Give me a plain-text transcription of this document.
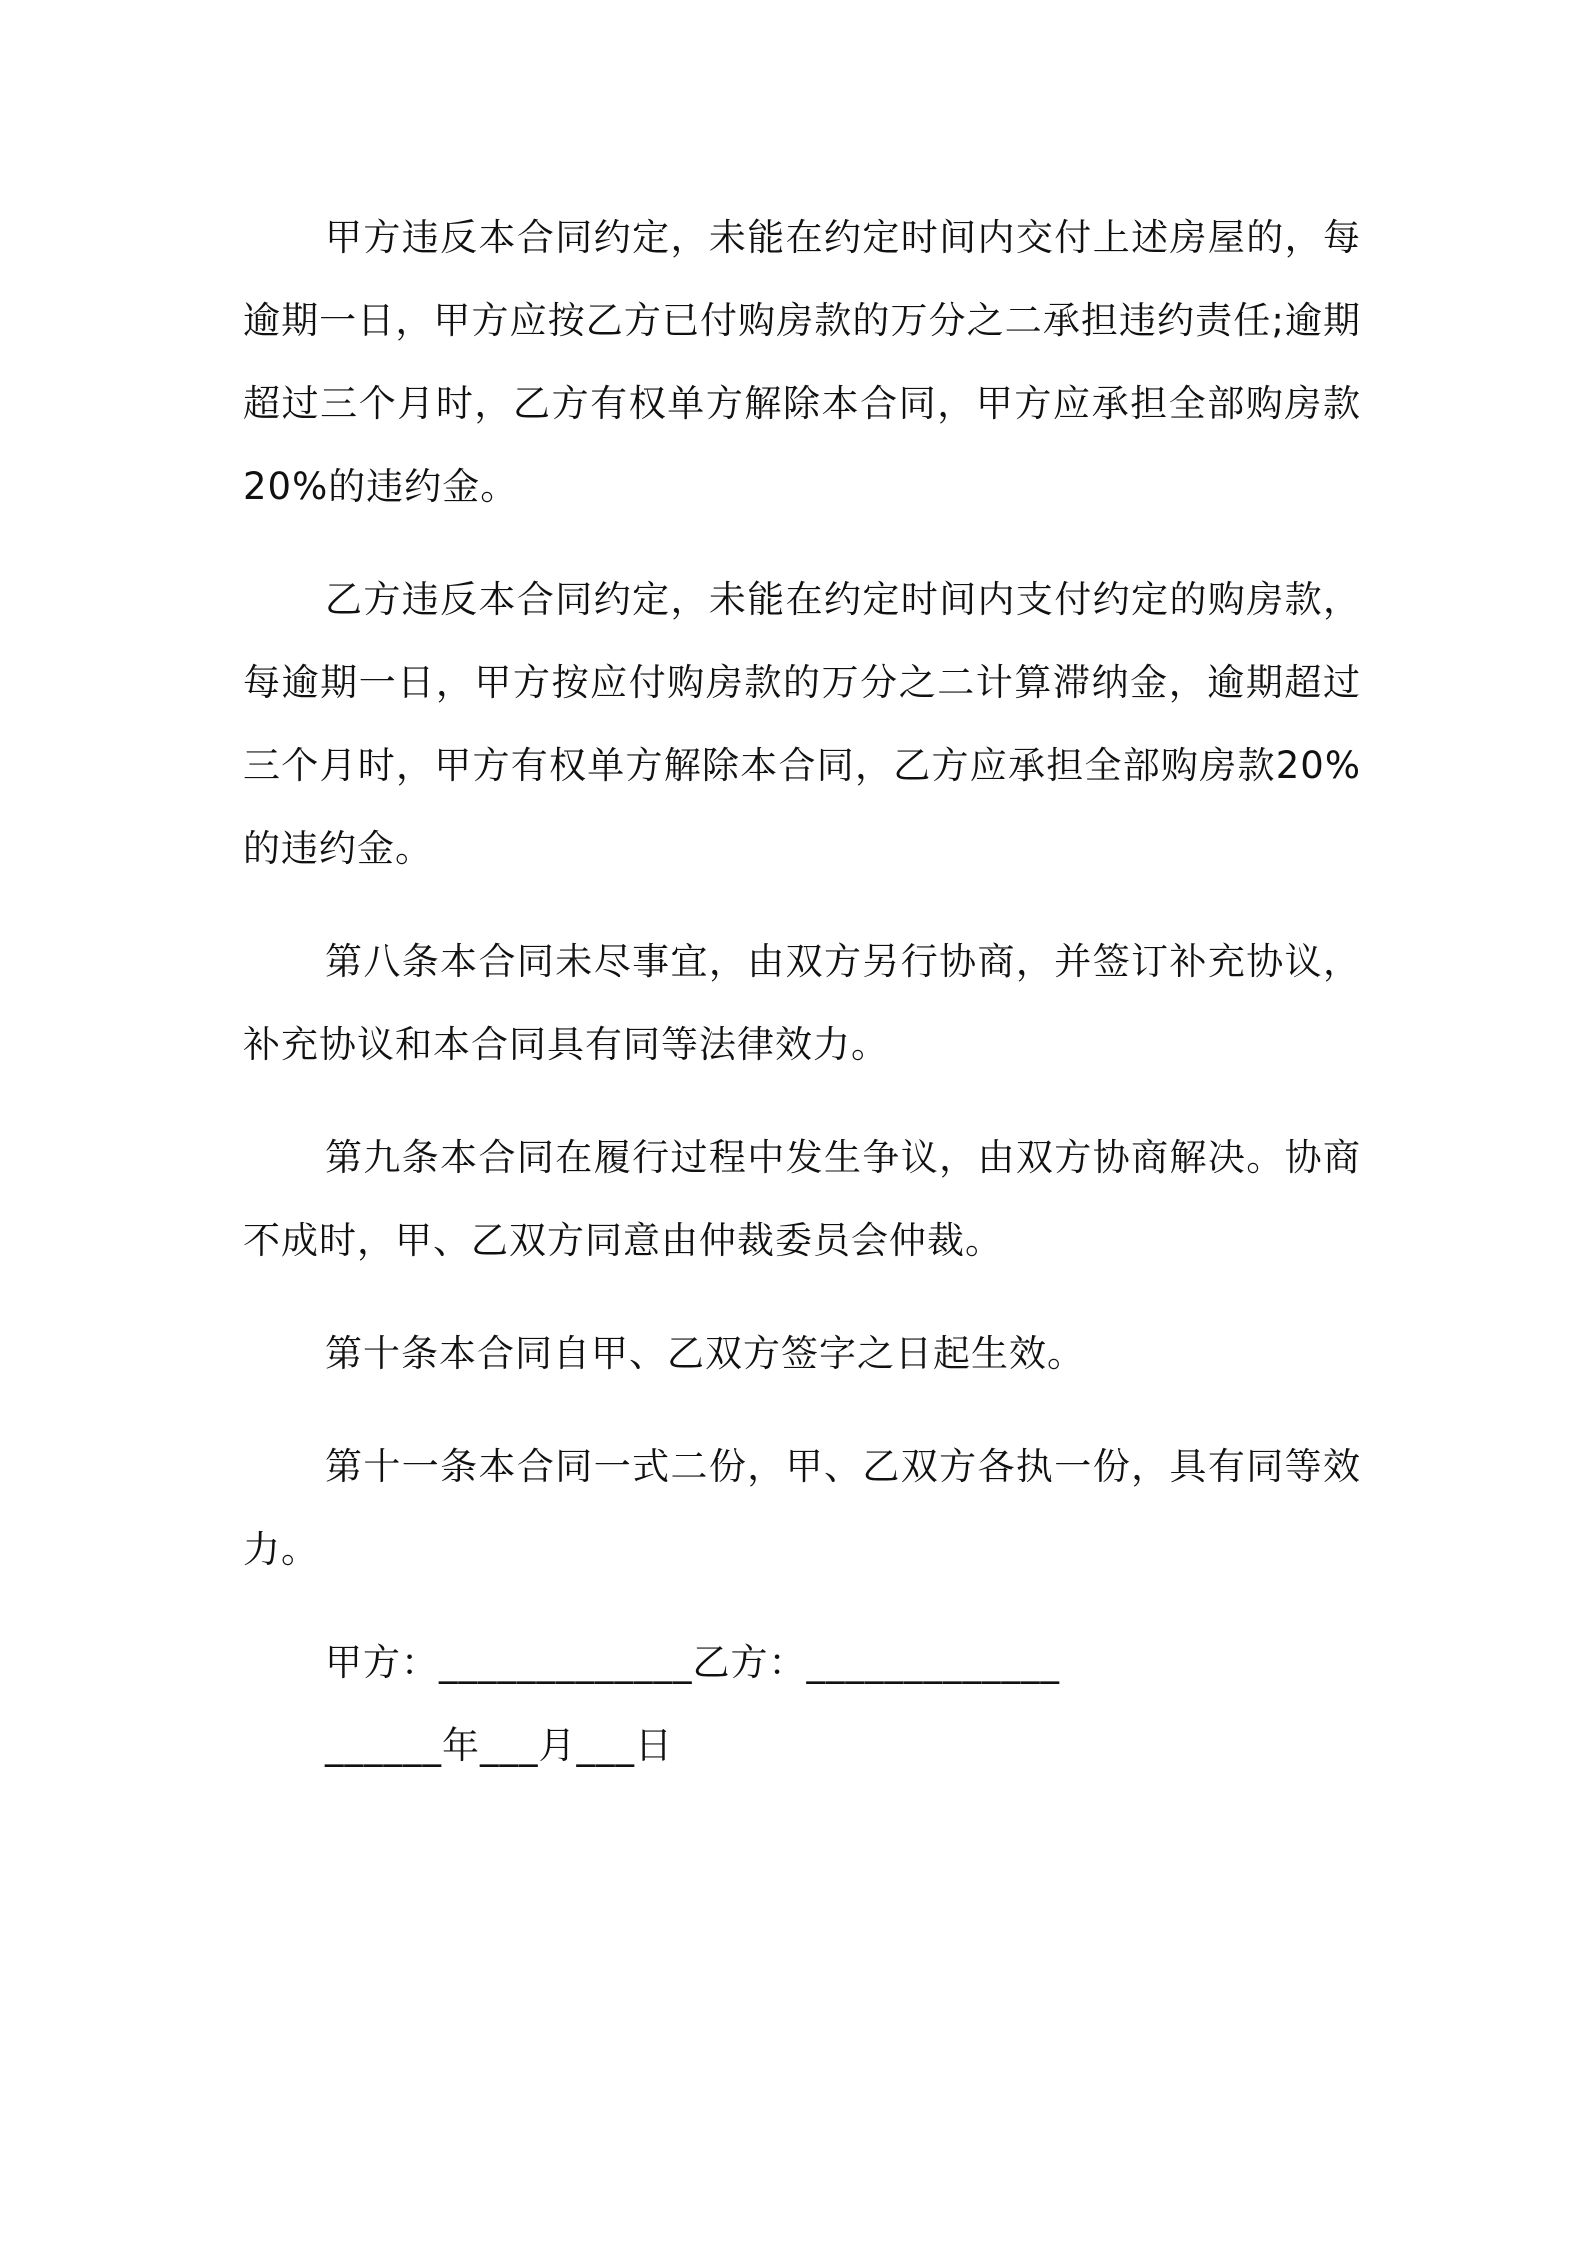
甲方违反本合同约定，未能在约定时间内交付上述房屋的，每逾期一日，甲方应按乙方已付购房款的万分之二承担违约责任;逾期超过三个月时，乙方有权单方解除本合同，甲方应承担全部购房款 20%的违约金。

乙方违反本合同约定，未能在约定时间内支付约定的购房款，每逾期一日，甲方按应付购房款的万分之二计算滞纳金，逾期超过三个月时，甲方有权单方解除本合同，乙方应承担全部购房款20%的违约金。

第八条本合同未尽事宜，由双方另行协商，并签订补充协议，补充协议和本合同具有同等法律效力。

第九条本合同在履行过程中发生争议，由双方协商解决。协商不成时，甲、乙双方同意由仲裁委员会仲裁。

第十条本合同自甲、乙双方签字之日起生效。

第十一条本合同一式二份，甲、乙双方各执一份，具有同等效力。

甲方：_____________乙方：_____________

______年___月___日
